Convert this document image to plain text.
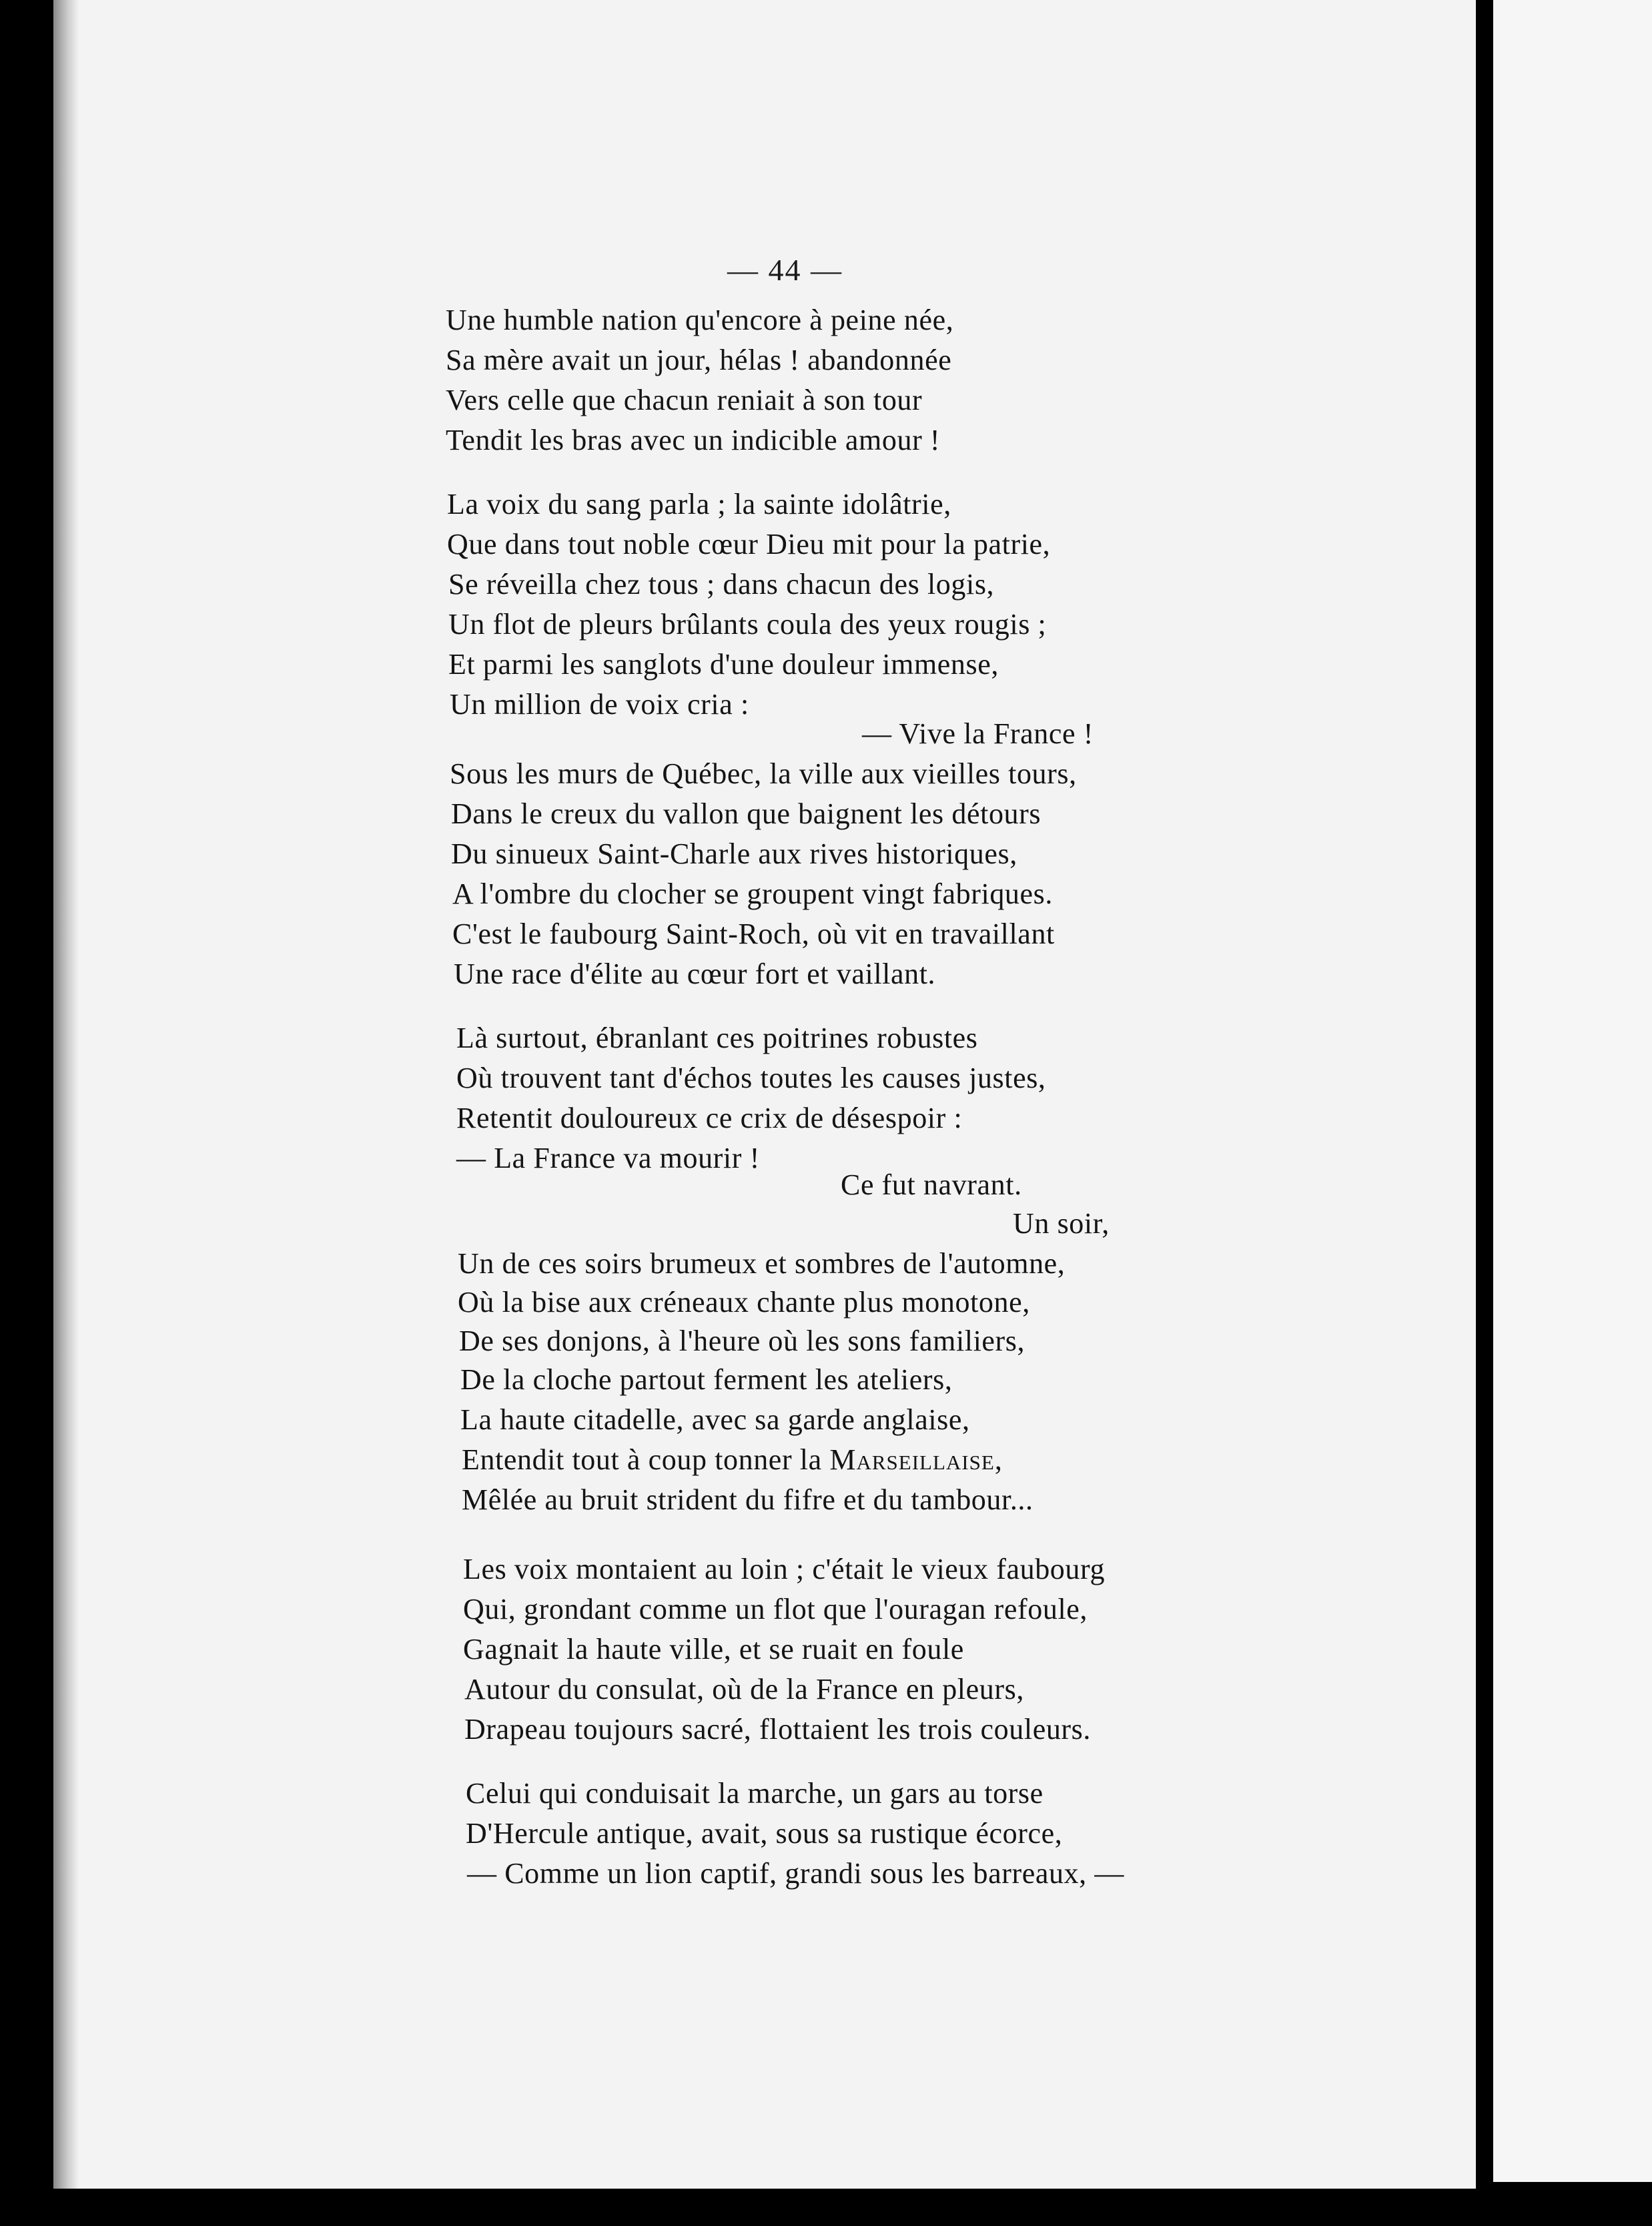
— 44 —
Une humble nation qu'encore à peine née,
Sa mère avait un jour, hélas ! abandonnée
Vers celle que chacun reniait à son tour
Tendit les bras avec un indicible amour !
La voix du sang parla ; la sainte idolâtrie,
Que dans tout noble cœur Dieu mit pour la patrie,
Se réveilla chez tous ; dans chacun des logis,
Un flot de pleurs brûlants coula des yeux rougis ;
Et parmi les sanglots d'une douleur immense,
Un million de voix cria :
— Vive la France !
Sous les murs de Québec, la ville aux vieilles tours,
Dans le creux du vallon que baignent les détours
Du sinueux Saint-Charle aux rives historiques,
A l'ombre du clocher se groupent vingt fabriques.
C'est le faubourg Saint-Roch, où vit en travaillant
Une race d'élite au cœur fort et vaillant.
Là surtout, ébranlant ces poitrines robustes
Où trouvent tant d'échos toutes les causes justes,
Retentit douloureux ce crix de désespoir :
— La France va mourir !
Ce fut navrant.
Un soir,
Un de ces soirs brumeux et sombres de l'automne,
Où la bise aux créneaux chante plus monotone,
De ses donjons, à l'heure où les sons familiers,
De la cloche partout ferment les ateliers,
La haute citadelle, avec sa garde anglaise,
Entendit tout à coup tonner la Marseillaise,
Mêlée au bruit strident du fifre et du tambour...
Les voix montaient au loin ; c'était le vieux faubourg
Qui, grondant comme un flot que l'ouragan refoule,
Gagnait la haute ville, et se ruait en foule
Autour du consulat, où de la France en pleurs,
Drapeau toujours sacré, flottaient les trois couleurs.
Celui qui conduisait la marche, un gars au torse
D'Hercule antique, avait, sous sa rustique écorce,
— Comme un lion captif, grandi sous les barreaux, —
